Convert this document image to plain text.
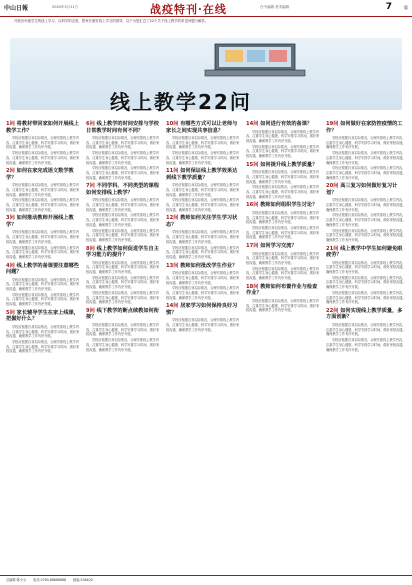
中山日報	2020年3月11日	战疫特刊·在线	白中编辑 美术编辑	7	版
开展各年级学生的线上学习，以科学的态度，帮家长做好线上学习的指导，以下为您汇总了22个关于线上教学的常见问题与解答。
线上教学22问
1问 将教材带回家如何开展线上教学工作？

学校应根据自身实际情况，合理安排线上教学内容，注重学生身心健康，科学安排学习时间，做好家校沟通，确保教学工作有序开展。

学校应根据自身实际情况，合理安排线上教学内容，注重学生身心健康，科学安排学习时间，做好家校沟通，确保教学工作有序开展。

2问 如何在家完成语文数学教学？

学校应根据自身实际情况，合理安排线上教学内容，注重学生身心健康，科学安排学习时间，做好家校沟通，确保教学工作有序开展。

学校应根据自身实际情况，合理安排线上教学内容，注重学生身心健康，科学安排学习时间，做好家校沟通，确保教学工作有序开展。

3问 如何推动教师开展线上教学？

学校应根据自身实际情况，合理安排线上教学内容，注重学生身心健康，科学安排学习时间，做好家校沟通，确保教学工作有序开展。

学校应根据自身实际情况，合理安排线上教学内容，注重学生身心健康，科学安排学习时间，做好家校沟通，确保教学工作有序开展。

4问 线上教学的备课要注意哪些问题？

学校应根据自身实际情况，合理安排线上教学内容，注重学生身心健康，科学安排学习时间，做好家校沟通，确保教学工作有序开展。

学校应根据自身实际情况，合理安排线上教学内容，注重学生身心健康，科学安排学习时间，做好家校沟通，确保教学工作有序开展。

5问 家长辅导学生在家上线课，把握好什么？

学校应根据自身实际情况，合理安排线上教学内容，注重学生身心健康，科学安排学习时间，做好家校沟通，确保教学工作有序开展。

学校应根据自身实际情况，合理安排线上教学内容，注重学生身心健康，科学安排学习时间，做好家校沟通，确保教学工作有序开展。

6问 线上教学的时间安排与学校日常教学时间有何不同？

学校应根据自身实际情况，合理安排线上教学内容，注重学生身心健康，科学安排学习时间，做好家校沟通，确保教学工作有序开展。

学校应根据自身实际情况，合理安排线上教学内容，注重学生身心健康，科学安排学习时间，做好家校沟通，确保教学工作有序开展。

学校应根据自身实际情况，合理安排线上教学内容，注重学生身心健康，科学安排学习时间，做好家校沟通，确保教学工作有序开展。

7问 不同学科、不同类型的课程如何安排线上教学？

学校应根据自身实际情况，合理安排线上教学内容，注重学生身心健康，科学安排学习时间，做好家校沟通，确保教学工作有序开展。

学校应根据自身实际情况，合理安排线上教学内容，注重学生身心健康，科学安排学习时间，做好家校沟通，确保教学工作有序开展。

学校应根据自身实际情况，合理安排线上教学内容，注重学生身心健康，科学安排学习时间，做好家校沟通，确保教学工作有序开展。

8问 线上教学如何促进学生自主学习能力的提升？

学校应根据自身实际情况，合理安排线上教学内容，注重学生身心健康，科学安排学习时间，做好家校沟通，确保教学工作有序开展。

学校应根据自身实际情况，合理安排线上教学内容，注重学生身心健康，科学安排学习时间，做好家校沟通，确保教学工作有序开展。

学校应根据自身实际情况，合理安排线上教学内容，注重学生身心健康，科学安排学习时间，做好家校沟通，确保教学工作有序开展。

9问 线下教学的断点续教如何衔接？

学校应根据自身实际情况，合理安排线上教学内容，注重学生身心健康，科学安排学习时间，做好家校沟通，确保教学工作有序开展。

学校应根据自身实际情况，合理安排线上教学内容，注重学生身心健康，科学安排学习时间，做好家校沟通，确保教学工作有序开展。

10问 有哪些方式可以让老师与家长之间实现共享信息？

学校应根据自身实际情况，合理安排线上教学内容，注重学生身心健康，科学安排学习时间，做好家校沟通，确保教学工作有序开展。

学校应根据自身实际情况，合理安排线上教学内容，注重学生身心健康，科学安排学习时间，做好家校沟通，确保教学工作有序开展。

11问 如何保证线上教学效果达到线下教学质量？

学校应根据自身实际情况，合理安排线上教学内容，注重学生身心健康，科学安排学习时间，做好家校沟通，确保教学工作有序开展。

学校应根据自身实际情况，合理安排线上教学内容，注重学生身心健康，科学安排学习时间，做好家校沟通，确保教学工作有序开展。

12问 教师如何关注学生学习状态？

学校应根据自身实际情况，合理安排线上教学内容，注重学生身心健康，科学安排学习时间，做好家校沟通，确保教学工作有序开展。

学校应根据自身实际情况，合理安排线上教学内容，注重学生身心健康，科学安排学习时间，做好家校沟通，确保教学工作有序开展。

13问 教师如何批改学生作业？

学校应根据自身实际情况，合理安排线上教学内容，注重学生身心健康，科学安排学习时间，做好家校沟通，确保教学工作有序开展。

学校应根据自身实际情况，合理安排线上教学内容，注重学生身心健康，科学安排学习时间，做好家校沟通，确保教学工作有序开展。

14问 居家学习如何保持良好习惯？

学校应根据自身实际情况，合理安排线上教学内容，注重学生身心健康，科学安排学习时间，做好家校沟通，确保教学工作有序开展。

14问 如何进行有效的备课？

学校应根据自身实际情况，合理安排线上教学内容，注重学生身心健康，科学安排学习时间，做好家校沟通，确保教学工作有序开展。

学校应根据自身实际情况，合理安排线上教学内容，注重学生身心健康，科学安排学习时间，做好家校沟通，确保教学工作有序开展。

15问 如何提升线上教学质量？

学校应根据自身实际情况，合理安排线上教学内容，注重学生身心健康，科学安排学习时间，做好家校沟通，确保教学工作有序开展。

学校应根据自身实际情况，合理安排线上教学内容，注重学生身心健康，科学安排学习时间，做好家校沟通，确保教学工作有序开展。

16问 教师如何组织学生讨论？

学校应根据自身实际情况，合理安排线上教学内容，注重学生身心健康，科学安排学习时间，做好家校沟通，确保教学工作有序开展。

学校应根据自身实际情况，合理安排线上教学内容，注重学生身心健康，科学安排学习时间，做好家校沟通，确保教学工作有序开展。

17问 如何学习交流？

学校应根据自身实际情况，合理安排线上教学内容，注重学生身心健康，科学安排学习时间，做好家校沟通，确保教学工作有序开展。

学校应根据自身实际情况，合理安排线上教学内容，注重学生身心健康，科学安排学习时间，做好家校沟通，确保教学工作有序开展。

18问 教师如何布置作业与检查作业？

学校应根据自身实际情况，合理安排线上教学内容，注重学生身心健康，科学安排学习时间，做好家校沟通，确保教学工作有序开展。

19问 如何做好在家防控疫情的工作？

学校应根据自身实际情况，合理安排线上教学内容，注重学生身心健康，科学安排学习时间，做好家校沟通，确保教学工作有序开展。

学校应根据自身实际情况，合理安排线上教学内容，注重学生身心健康，科学安排学习时间，做好家校沟通，确保教学工作有序开展。

学校应根据自身实际情况，合理安排线上教学内容，注重学生身心健康，科学安排学习时间，做好家校沟通，确保教学工作有序开展。

20问 高三复习如何做好复习计划？

学校应根据自身实际情况，合理安排线上教学内容，注重学生身心健康，科学安排学习时间，做好家校沟通，确保教学工作有序开展。

学校应根据自身实际情况，合理安排线上教学内容，注重学生身心健康，科学安排学习时间，做好家校沟通，确保教学工作有序开展。

学校应根据自身实际情况，合理安排线上教学内容，注重学生身心健康，科学安排学习时间，做好家校沟通，确保教学工作有序开展。

21问 线上教学中学生如何避免眼疲劳？

学校应根据自身实际情况，合理安排线上教学内容，注重学生身心健康，科学安排学习时间，做好家校沟通，确保教学工作有序开展。

学校应根据自身实际情况，合理安排线上教学内容，注重学生身心健康，科学安排学习时间，做好家校沟通，确保教学工作有序开展。

学校应根据自身实际情况，合理安排线上教学内容，注重学生身心健康，科学安排学习时间，做好家校沟通，确保教学工作有序开展。

22问 如何实现线上教学质量，多方面创新？

学校应根据自身实际情况，合理安排线上教学内容，注重学生身心健康，科学安排学习时间，做好家校沟通，确保教学工作有序开展。

学校应根据自身实际情况，合理安排线上教学内容，注重学生身心健康，科学安排学习时间，做好家校沟通，确保教学工作有序开展。

总编辑 陈小元 电话 0760-88888888 邮编 528400
